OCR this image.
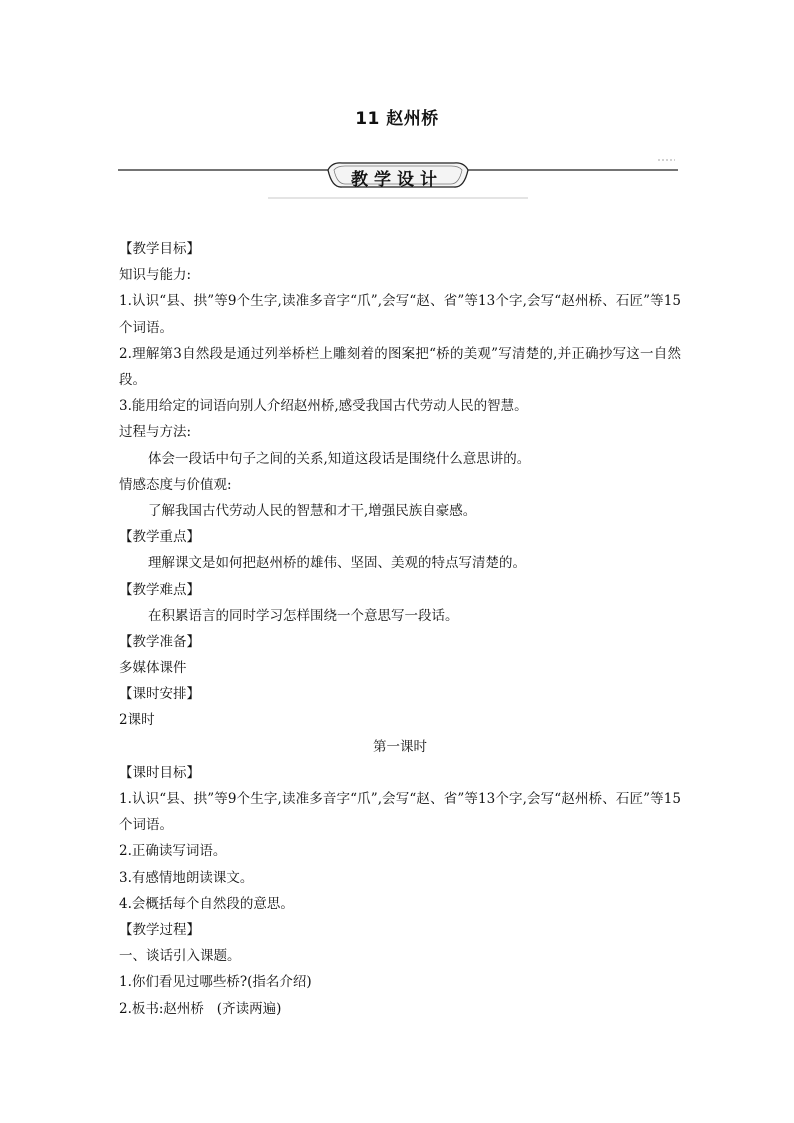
11 赵州桥
教学设计
【教学目标】
知识与能力:
1.认识“县、拱”等9个生字,读准多音字“爪”,会写“赵、省”等13个字,会写“赵州桥、石匠”等15个词语。
2.理解第3自然段是通过列举桥栏上雕刻着的图案把“桥的美观”写清楚的,并正确抄写这一自然段。
3.能用给定的词语向别人介绍赵州桥,感受我国古代劳动人民的智慧。
过程与方法:
体会一段话中句子之间的关系,知道这段话是围绕什么意思讲的。
情感态度与价值观:
了解我国古代劳动人民的智慧和才干,增强民族自豪感。
【教学重点】
理解课文是如何把赵州桥的雄伟、坚固、美观的特点写清楚的。
【教学难点】
在积累语言的同时学习怎样围绕一个意思写一段话。
【教学准备】
多媒体课件
【课时安排】
2课时
第一课时
【课时目标】
1.认识“县、拱”等9个生字,读准多音字“爪”,会写“赵、省”等13个字,会写“赵州桥、石匠”等15个词语。
2.正确读写词语。
3.有感情地朗读课文。
4.会概括每个自然段的意思。
【教学过程】
一、谈话引入课题。
1.你们看见过哪些桥?(指名介绍)
2.板书:赵州桥   (齐读两遍)
